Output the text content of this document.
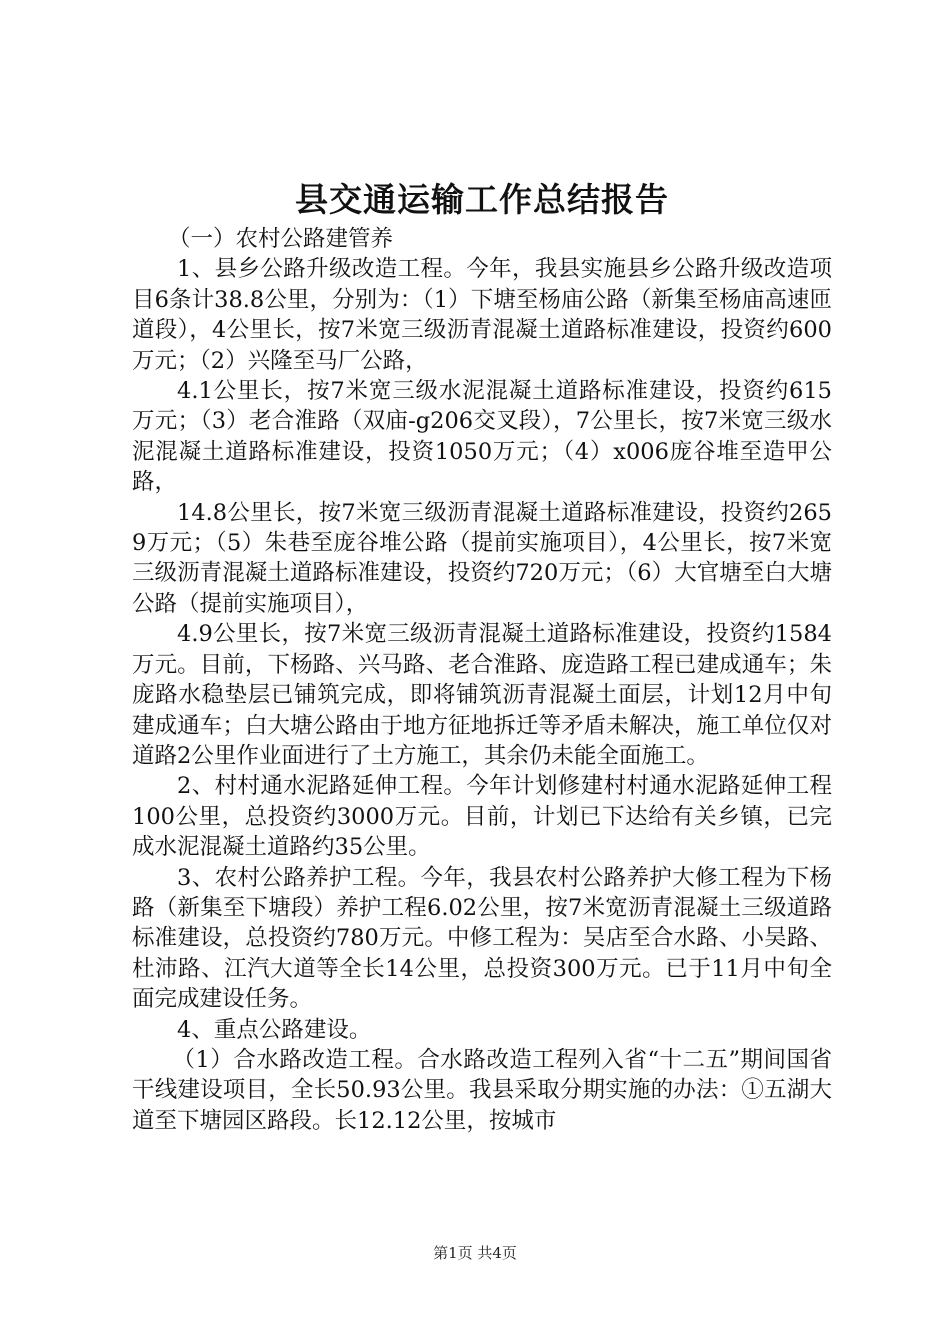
县交通运输工作总结报告

（一）农村公路建管养

1、县乡公路升级改造工程。今年，我县实施县乡公路升级改造项目6条计38.8公里，分别为：（1）下塘至杨庙公路（新集至杨庙高速匝道段），4公里长，按7米宽三级沥青混凝土道路标准建设，投资约600万元；（2）兴隆至马厂公路，

4.1公里长，按7米宽三级水泥混凝土道路标准建设，投资约615万元；（3）老合淮路（双庙-g206交叉段），7公里长，按7米宽三级水泥混凝土道路标准建设，投资1050万元；（4）x006庞谷堆至造甲公路，

14.8公里长，按7米宽三级沥青混凝土道路标准建设，投资约2659万元；（5）朱巷至庞谷堆公路（提前实施项目），4公里长，按7米宽三级沥青混凝土道路标准建设，投资约720万元；（6）大官塘至白大塘公路（提前实施项目），

4.9公里长，按7米宽三级沥青混凝土道路标准建设，投资约1584万元。目前，下杨路、兴马路、老合淮路、庞造路工程已建成通车；朱庞路水稳垫层已铺筑完成，即将铺筑沥青混凝土面层，计划12月中旬建成通车；白大塘公路由于地方征地拆迁等矛盾未解决，施工单位仅对道路2公里作业面进行了土方施工，其余仍未能全面施工。

2、村村通水泥路延伸工程。今年计划修建村村通水泥路延伸工程100公里，总投资约3000万元。目前，计划已下达给有关乡镇，已完成水泥混凝土道路约35公里。

3、农村公路养护工程。今年，我县农村公路养护大修工程为下杨路（新集至下塘段）养护工程6.02公里，按7米宽沥青混凝土三级道路标准建设，总投资约780万元。中修工程为：吴店至合水路、小吴路、杜沛路、江汽大道等全长14公里，总投资300万元。已于11月中旬全面完成建设任务。

4、重点公路建设。

（1）合水路改造工程。合水路改造工程列入省“十二五”期间国省干线建设项目，全长50.93公里。我县采取分期实施的办法：①五湖大道至下塘园区路段。长12.12公里，按城市

第1页 共4页
